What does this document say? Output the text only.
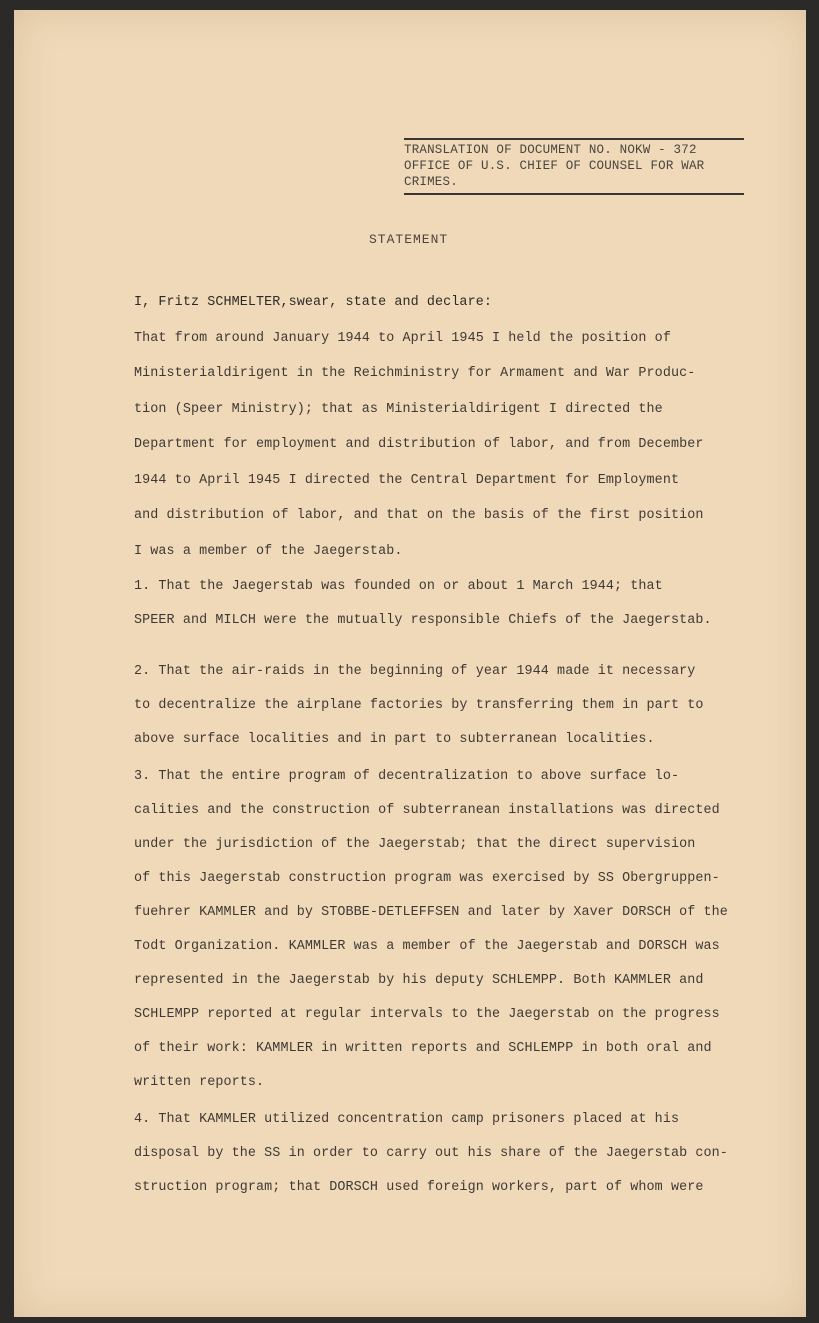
TRANSLATION OF DOCUMENT NO. NOKW - 372
OFFICE OF U.S. CHIEF OF COUNSEL FOR WAR
CRIMES.
STATEMENT
I, Fritz SCHMELTER,swear, state and declare:
That from around January 1944 to April 1945 I held the position of
Ministerialdirigent in the Reichministry for Armament and War Produc-
tion (Speer Ministry); that as Ministerialdirigent I directed the
Department for employment and distribution of labor, and from December
1944 to April 1945 I directed the Central Department for Employment
and distribution of labor, and that on the basis of the first position
I was a member of the Jaegerstab.
1. That the Jaegerstab was founded on or about 1 March 1944; that
SPEER and MILCH were the mutually responsible Chiefs of the Jaegerstab.
2. That the air-raids in the beginning of year 1944 made it necessary
to decentralize the airplane factories by transferring them in part to
above surface localities and in part to subterranean localities.
3. That the entire program of decentralization to above surface lo-
calities and the construction of subterranean installations was directed
under the jurisdiction of the Jaegerstab; that the direct supervision
of this Jaegerstab construction program was exercised by SS Obergruppen-
fuehrer KAMMLER and by STOBBE-DETLEFFSEN and later by Xaver DORSCH of the
Todt Organization. KAMMLER was a member of the Jaegerstab and DORSCH was
represented in the Jaegerstab by his deputy SCHLEMPP. Both KAMMLER and
SCHLEMPP reported at regular intervals to the Jaegerstab on the progress
of their work: KAMMLER in written reports and SCHLEMPP in both oral and
written reports.
4. That KAMMLER utilized concentration camp prisoners placed at his
disposal by the SS in order to carry out his share of the Jaegerstab con-
struction program; that DORSCH used foreign workers, part of whom were
